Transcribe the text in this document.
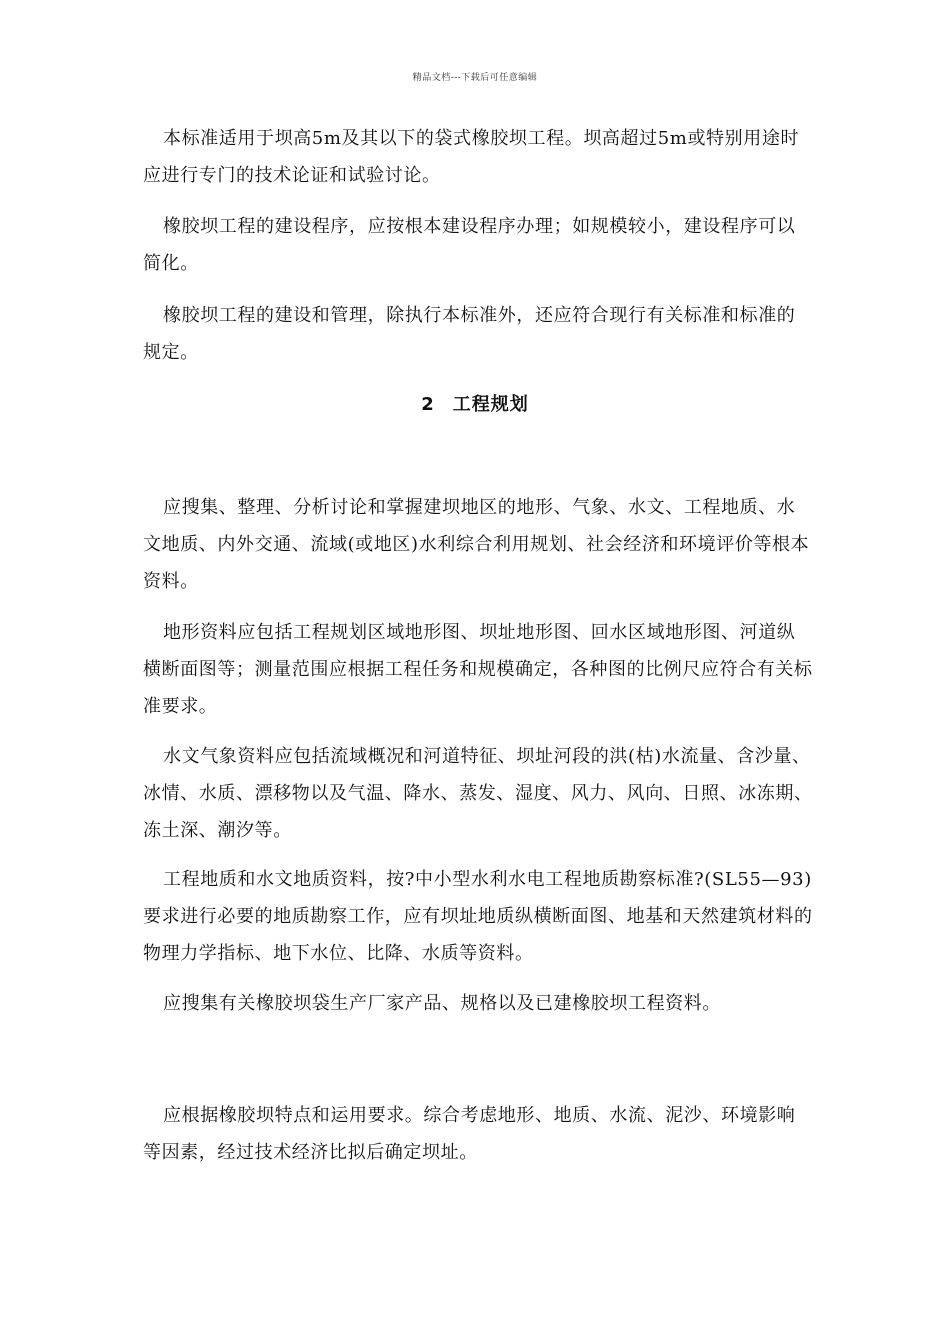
精品文档---下载后可任意编辑

本标准适用于坝高5m及其以下的袋式橡胶坝工程。坝高超过5m或特别用途时应进行专门的技术论证和试验讨论。

橡胶坝工程的建设程序，应按根本建设程序办理；如规模较小，建设程序可以简化。

橡胶坝工程的建设和管理，除执行本标准外，还应符合现行有关标准和标准的规定。

2 工程规划

应搜集、整理、分析讨论和掌握建坝地区的地形、气象、水文、工程地质、水文地质、内外交通、流域(或地区)水利综合利用规划、社会经济和环境评价等根本资料。

地形资料应包括工程规划区域地形图、坝址地形图、回水区域地形图、河道纵横断面图等；测量范围应根据工程任务和规模确定，各种图的比例尺应符合有关标准要求。

水文气象资料应包括流域概况和河道特征、坝址河段的洪(枯)水流量、含沙量、冰情、水质、漂移物以及气温、降水、蒸发、湿度、风力、风向、日照、冰冻期、冻土深、潮汐等。

工程地质和水文地质资料，按?中小型水利水电工程地质勘察标准?(SL55—93)要求进行必要的地质勘察工作，应有坝址地质纵横断面图、地基和天然建筑材料的物理力学指标、地下水位、比降、水质等资料。

应搜集有关橡胶坝袋生产厂家产品、规格以及已建橡胶坝工程资料。

应根据橡胶坝特点和运用要求。综合考虑地形、地质、水流、泥沙、环境影响等因素，经过技术经济比拟后确定坝址。
